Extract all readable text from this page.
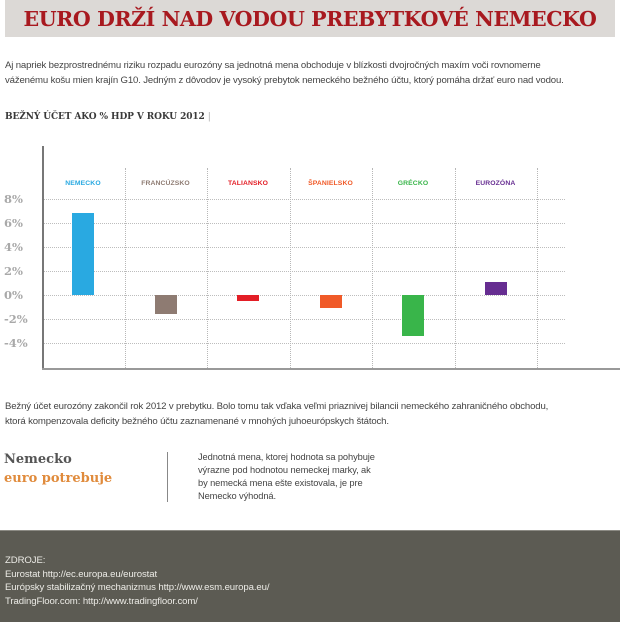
EURO DRŽÍ NAD VODOU PREBYTKOVÉ NEMECKO
Aj napriek bezprostrednému riziku rozpadu eurozóny sa jednotná mena obchoduje v blízkosti dvojročných maxím voči rovnomerne
váženému košu mien krajín G10. Jedným z dôvodov je vysoký prebytok nemeckého bežného účtu, ktorý pomáha držať euro nad vodou.
BEŽNÝ ÚČET AKO % HDP V ROKU 2012 |
8%
6%
4%
2%
0%
-2%
-4%
NEMECKO	FRANCÚZSKO	TALIANSKO	ŠPANIELSKO	GRÉCKO	EUROZÓNA
Bežný účet eurozóny zakončil rok 2012 v prebytku. Bolo tomu tak vďaka veľmi priaznivej bilancii nemeckého zahraničného obchodu,
ktorá kompenzovala deficity bežného účtu zaznamenané v mnohých juhoeurópskych štátoch.
Nemecko
euro potrebuje
Jednotná mena, ktorej hodnota sa pohybuje
výrazne pod hodnotou nemeckej marky, ak
by nemecká mena ešte existovala, je pre
Nemecko výhodná.
ZDROJE:
Eurostat http://ec.europa.eu/eurostat
Európsky stabilizačný mechanizmus http://www.esm.europa.eu/
TradingFloor.com: http://www.tradingfloor.com/
